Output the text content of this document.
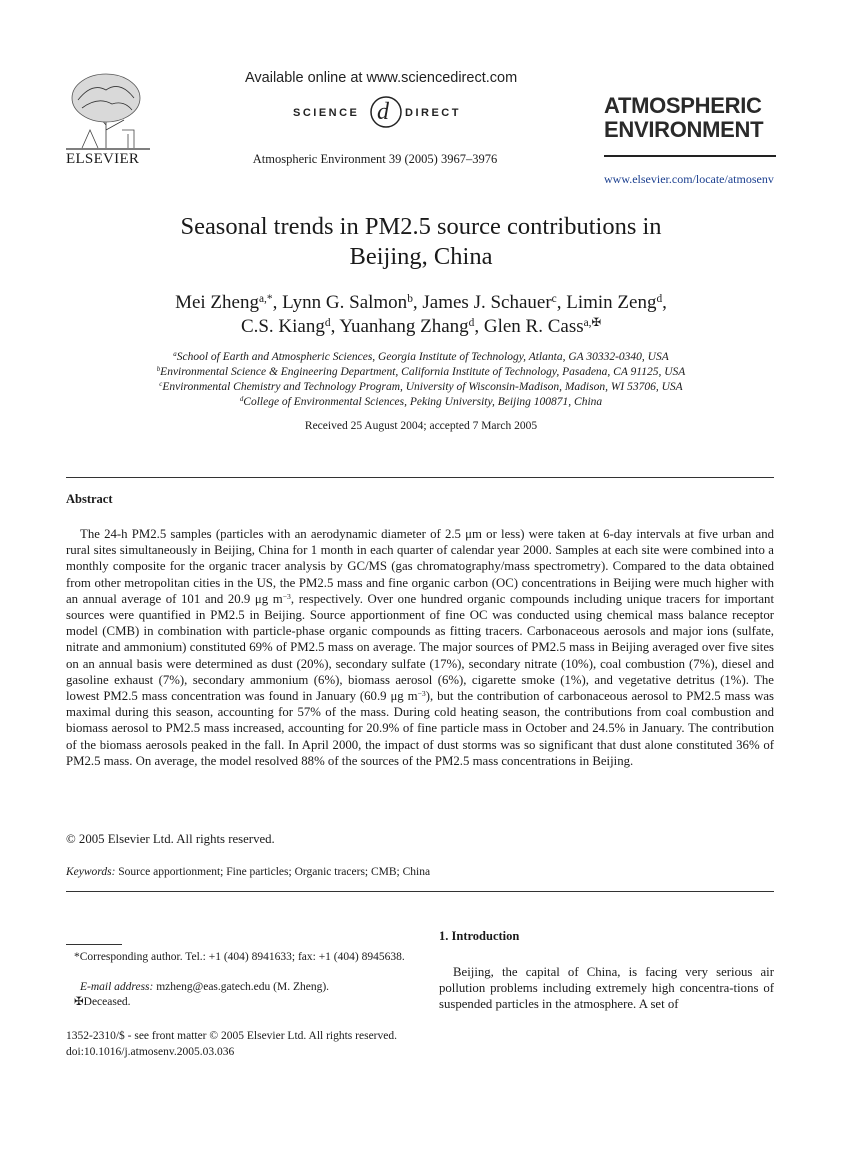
ELSEVIER
Available online at www.sciencedirect.com
SCIENCE d DIRECT
Atmospheric Environment 39 (2005) 3967–3976
ATMOSPHERIC
ENVIRONMENT
www.elsevier.com/locate/atmosenv
Seasonal trends in PM2.5 source contributions in
Beijing, China
Mei Zheng$^{a,*}$, Lynn G. Salmon$^b$, James J. Schauer$^c$, Limin Zeng$^d$,
C.S. Kiang$^d$, Yuanhang Zhang$^d$, Glen R. Cass$^{a,✠}$
$^a$School of Earth and Atmospheric Sciences, Georgia Institute of Technology, Atlanta, GA 30332-0340, USA
$^b$Environmental Science & Engineering Department, California Institute of Technology, Pasadena, CA 91125, USA
$^c$Environmental Chemistry and Technology Program, University of Wisconsin-Madison, Madison, WI 53706, USA
$^d$College of Environmental Sciences, Peking University, Beijing 100871, China
Received 25 August 2004; accepted 7 March 2005
Abstract

The 24-h PM2.5 samples (particles with an aerodynamic diameter of 2.5 μm or less) were taken at 6-day intervals at five urban and rural sites simultaneously in Beijing, China for 1 month in each quarter of calendar year 2000. Samples at each site were combined into a monthly composite for the organic tracer analysis by GC/MS (gas chromatography/mass spectrometry). Compared to the data obtained from other metropolitan cities in the US, the PM2.5 mass and fine organic carbon (OC) concentrations in Beijing were much higher with an annual average of 101 and 20.9 μg $m^{-3}$, respectively. Over one hundred organic compounds including unique tracers for important sources were quantified in PM2.5 in Beijing. Source apportionment of fine OC was conducted using chemical mass balance receptor model (CMB) in combination with particle-phase organic compounds as fitting tracers. Carbonaceous aerosols and major ions (sulfate, nitrate and ammonium) constituted 69% of PM2.5 mass on average. The major sources of PM2.5 mass in Beijing averaged over five sites on an annual basis were determined as dust (20%), secondary sulfate (17%), secondary nitrate (10%), coal combustion (7%), diesel and gasoline exhaust (7%), secondary ammonium (6%), biomass aerosol (6%), cigarette smoke (1%), and vegetative detritus (1%). The lowest PM2.5 mass concentration was found in January (60.9 μg $m^{-3}$), but the contribution of carbonaceous aerosol to PM2.5 mass was maximal during this season, accounting for 57% of the mass. During cold heating season, the contributions from coal combustion and biomass aerosol to PM2.5 mass increased, accounting for 20.9% of fine particle mass in October and 24.5% in January. The contribution of the biomass aerosols peaked in the fall. In April 2000, the impact of dust storms was so significant that dust alone constituted 36% of PM2.5 mass. On average, the model resolved 88% of the sources of the PM2.5 mass concentrations in Beijing.

© 2005 Elsevier Ltd. All rights reserved.
Keywords: Source apportionment; Fine particles; Organic tracers; CMB; China
*Corresponding author. Tel.: +1 (404) 8941633; fax: +1 (404) 8945638.
E-mail address: mzheng@eas.gatech.edu (M. Zheng).
✠Deceased.
1. Introduction

Beijing, the capital of China, is facing very serious air pollution problems including extremely high concentra-tions of suspended particles in the atmosphere. A set of

1352-2310/$ - see front matter © 2005 Elsevier Ltd. All rights reserved.
doi:10.1016/j.atmosenv.2005.03.036
